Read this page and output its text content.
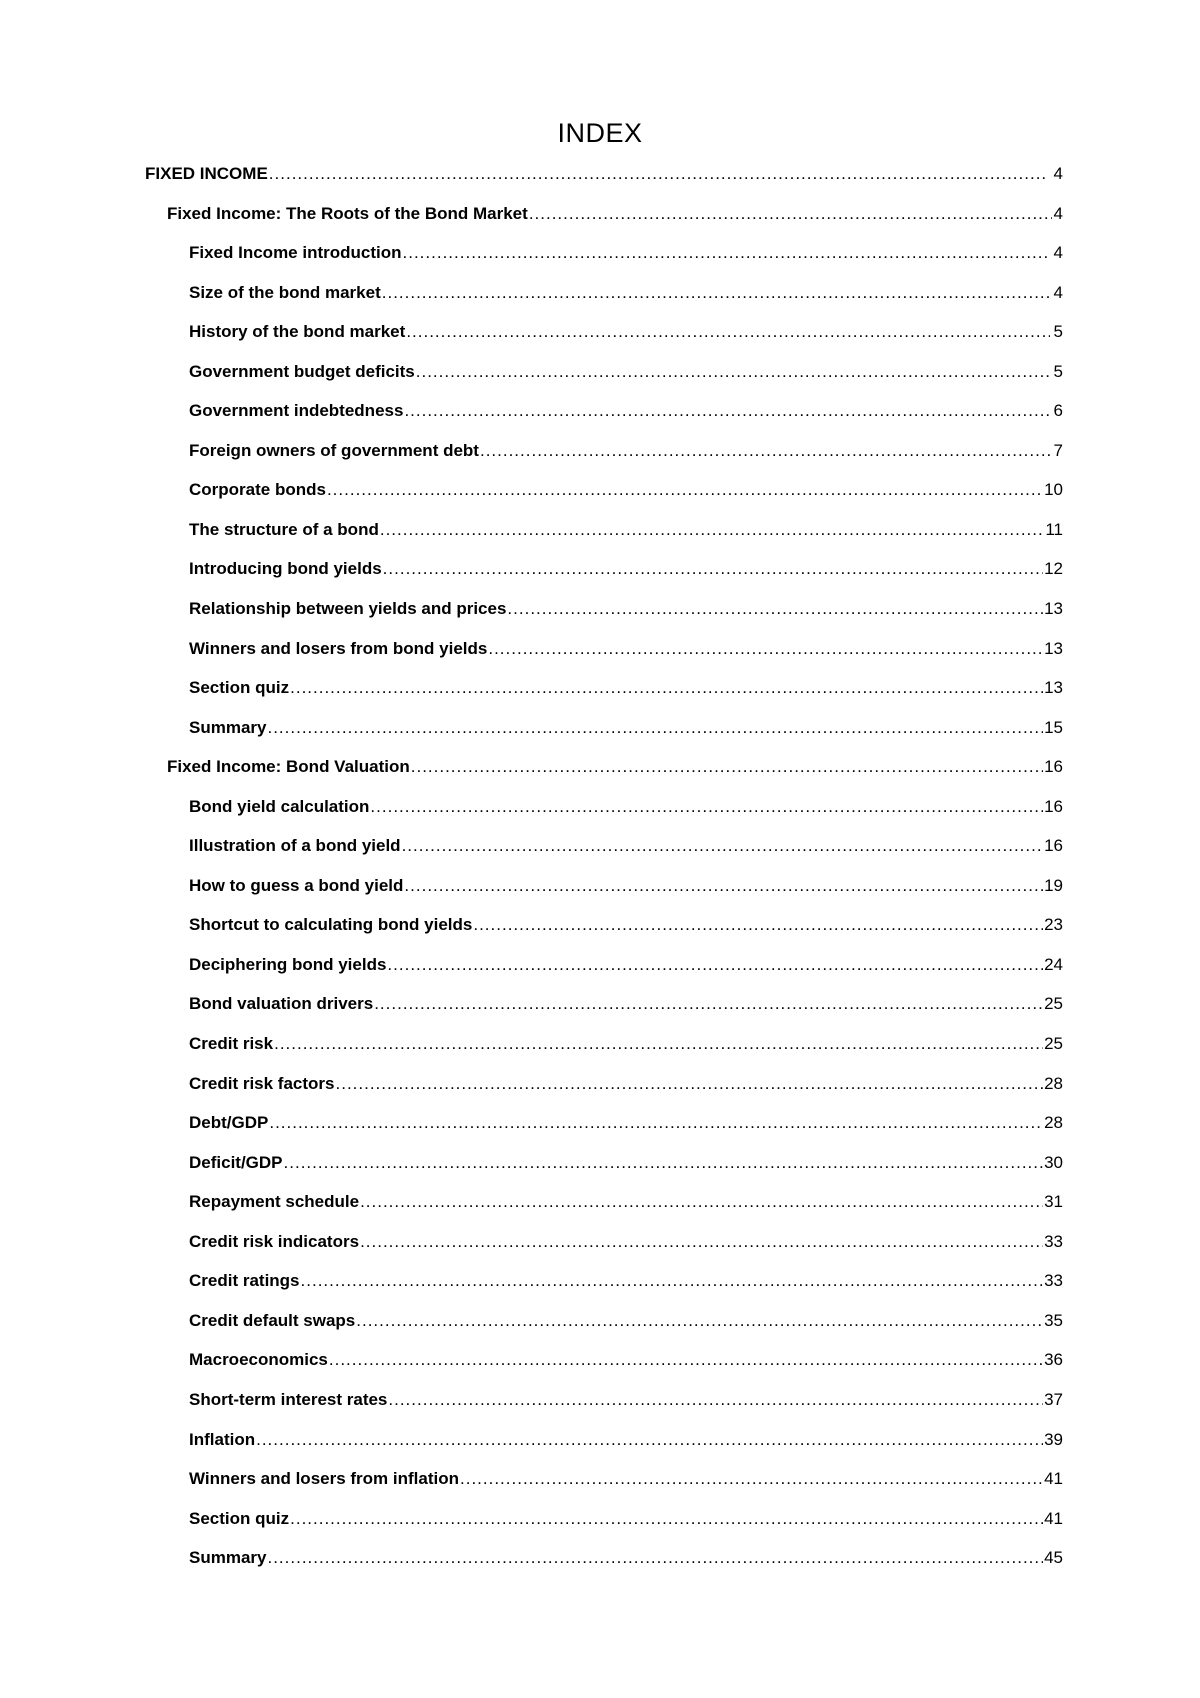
INDEX
FIXED INCOME .....	4
Fixed Income: The Roots of the Bond Market .....	4
Fixed Income introduction .....	4
Size of the bond market .....	4
History of the bond market .....	5
Government budget deficits .....	5
Government indebtedness .....	6
Foreign owners of government debt .....	7
Corporate bonds .....	10
The structure of a bond .....	11
Introducing bond yields .....	12
Relationship between yields and prices .....	13
Winners and losers from bond yields .....	13
Section quiz .....	13
Summary .....	15
Fixed Income: Bond Valuation .....	16
Bond yield calculation .....	16
Illustration of a bond yield .....	16
How to guess a bond yield .....	19
Shortcut to calculating bond yields .....	23
Deciphering bond yields .....	24
Bond valuation drivers .....	25
Credit risk .....	25
Credit risk factors .....	28
Debt/GDP .....	28
Deficit/GDP .....	30
Repayment schedule .....	31
Credit risk indicators .....	33
Credit ratings .....	33
Credit default swaps .....	35
Macroeconomics .....	36
Short-term interest rates .....	37
Inflation .....	39
Winners and losers from inflation .....	41
Section quiz .....	41
Summary .....	45
